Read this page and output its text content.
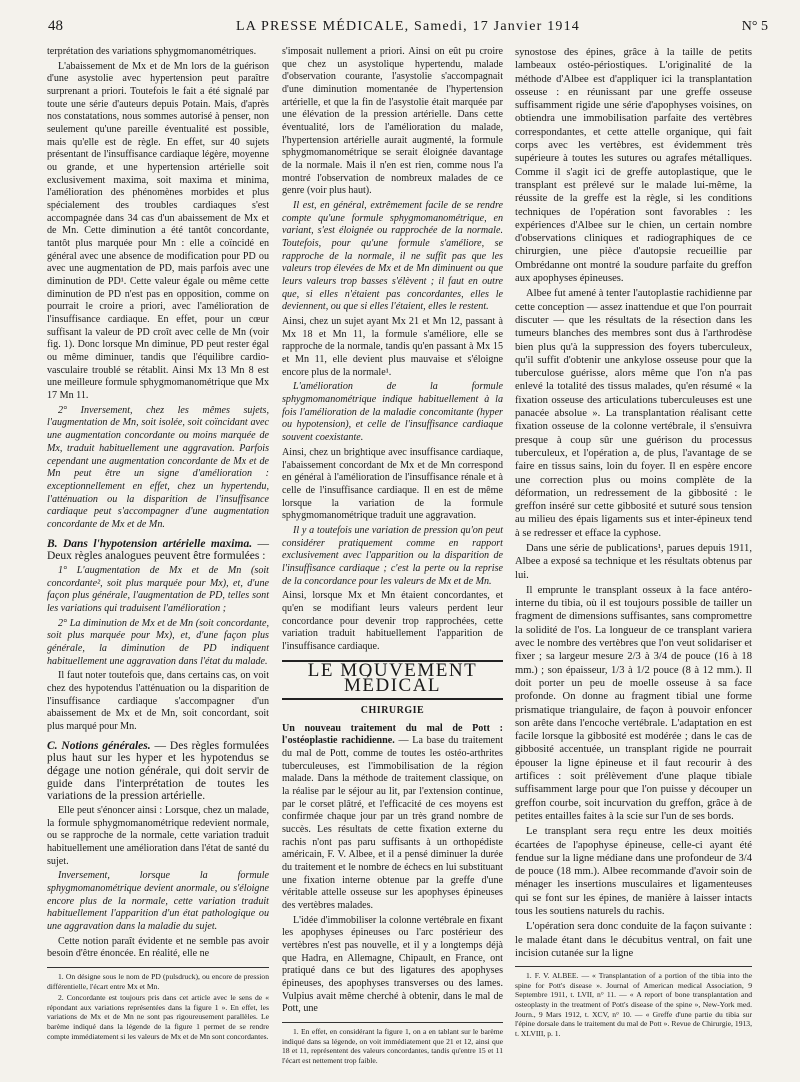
48	LA PRESSE MÉDICALE, Samedi, 17 Janvier 1914	N° 5

terprétation des variations sphygmomanométriques.

L'abaissement de Mx et de Mn lors de la guérison d'une asystolie avec hypertension peut paraître surprenant a priori. Toutefois le fait a été signalé par toute une série d'auteurs depuis Potain. Mais, d'après nos constatations, nous sommes autorisé à penser, non seulement qu'une pareille éventualité est possible, mais qu'elle est de règle. En effet, sur 40 sujets présentant de l'insuffisance cardiaque légère, moyenne ou grande, et une hypertension artérielle soit exclusivement maxima, soit maxima et minima, l'amélioration des phénomènes morbides et plus spécialement des troubles cardiaques s'est accompagnée dans 34 cas d'un abaissement de Mx et de Mn. Cette diminution a été tantôt concordante, tantôt plus marquée pour Mn : elle a coïncidé en général avec une absence de modification pour PD ou avec une augmentation de PD, mais parfois avec une diminution de PD¹. Cette valeur égale ou même cette diminution de PD n'est pas en opposition, comme on pourrait le croire a priori, avec l'amélioration de l'insuffisance cardiaque. En effet, pour un cœur suffisant la valeur de PD croît avec celle de Mn (voir fig. 1). Donc lorsque Mn diminue, PD peut rester égal ou même diminuer, tandis que l'équilibre cardio-vasculaire troublé se rétablit. Ainsi Mx 13 Mn 8 est une meilleure formule sphygmomanométrique que Mx 17 Mn 11.

2° Inversement, chez les mêmes sujets, l'augmentation de Mn, soit isolée, soit coïncidant avec une augmentation concordante ou moins marquée de Mx, traduit habituellement une aggravation. Parfois cependant une augmentation concordante de Mx et de Mn peut être un signe d'amélioration : exceptionnellement en effet, chez un hypertendu, l'atténuation ou la disparition de l'insuffisance cardiaque peut s'accompagner d'une augmentation concordante de Mx et de Mn.

B. Dans l'hypotension artérielle maxima. — Deux règles analogues peuvent être formulées :

1° L'augmentation de Mx et de Mn (soit concordante², soit plus marquée pour Mx), et, d'une façon plus générale, l'augmentation de PD, telles sont les variations qui traduisent l'amélioration ;

2° La diminution de Mx et de Mn (soit concordante, soit plus marquée pour Mx), et, d'une façon plus générale, la diminution de PD indiquent habituellement une aggravation dans l'état du malade.

Il faut noter toutefois que, dans certains cas, on voit chez des hypotendus l'atténuation ou la disparition de l'insuffisance cardiaque s'accompagner d'un abaissement de Mx et de Mn, soit concordant, soit plus marqué pour Mn.

C. Notions générales. — Des règles formulées plus haut sur les hyper et les hypotendus se dégage une notion générale, qui doit servir de guide dans l'interprétation de toutes les variations de la pression artérielle.

Elle peut s'énoncer ainsi : Lorsque, chez un malade, la formule sphygmomanométrique redevient normale, ou se rapproche de la normale, cette variation traduit habituellement une amélioration dans l'état de santé du sujet.

Inversement, lorsque la formule sphygmomanométrique devient anormale, ou s'éloigne encore plus de la normale, cette variation traduit habituellement l'apparition d'un état pathologique ou une aggravation dans la maladie du sujet.

Cette notion paraît évidente et ne semble pas avoir besoin d'être énoncée. En réalité, elle ne

1. On désigne sous le nom de PD (pulsdruck), ou encore de pression différentielle, l'écart entre Mx et Mn.

2. Concordante est toujours pris dans cet article avec le sens de « répondant aux variations représentées dans la figure 1 ». En effet, les variations de Mx et de Mn ne sont pas rigoureusement parallèles. Le barème indiqué dans la légende de la figure 1 permet de se rendre compte immédiatement si les valeurs de Mx et de Mn sont concordantes.

s'imposait nullement a priori. Ainsi on eût pu croire que chez un asystolique hypertendu, malade d'observation courante, l'asystolie s'accompagnait d'une diminution momentanée de l'hypertension artérielle, et que la fin de l'asystolie était marquée par une élévation de la pression artérielle. Dans cette éventualité, lors de l'amélioration du malade, l'hypertension artérielle aurait augmenté, la formule sphygmomanométrique se serait éloignée davantage de la normale. Mais il n'en est rien, comme nous l'a montré l'observation de nombreux malades de ce genre (voir plus haut).

Il est, en général, extrêmement facile de se rendre compte qu'une formule sphygmomanométrique, en variant, s'est éloignée ou rapprochée de la normale. Toutefois, pour qu'une formule s'améliore, se rapproche de la normale, il ne suffit pas que les valeurs trop élevées de Mx et de Mn diminuent ou que leurs valeurs trop basses s'élèvent ; il faut en outre que, si elles n'étaient pas concordantes, elles le deviennent, ou que si elles l'étaient, elles le restent.

Ainsi, chez un sujet ayant Mx 21 et Mn 12, passant à Mx 18 et Mn 11, la formule s'améliore, elle se rapproche de la normale, tandis qu'en passant à Mx 15 et Mn 11, elle devient plus mauvaise et s'éloigne encore plus de la normale¹.

L'amélioration de la formule sphygmomanométrique indique habituellement à la fois l'amélioration de la maladie concomitante (hyper ou hypotension), et celle de l'insuffisance cardiaque souvent coexistante.

Ainsi, chez un brightique avec insuffisance cardiaque, l'abaissement concordant de Mx et de Mn correspond en général à l'amélioration de l'insuffisance rénale et à celle de l'insuffisance cardiaque. Il en est de même lorsque la variation de la formule sphygmomanométrique traduit une aggravation.

Il y a toutefois une variation de pression qu'on peut considérer pratiquement comme en rapport exclusivement avec l'apparition ou la disparition de l'insuffisance cardiaque ; c'est la perte ou la reprise de la concordance pour les valeurs de Mx et de Mn.

Ainsi, lorsque Mx et Mn étaient concordantes, et qu'en se modifiant leurs valeurs perdent leur concordance pour devenir trop rapprochées, cette variation traduit habituellement l'apparition de l'insuffisance cardiaque.

LE MOUVEMENT MÉDICAL
CHIRURGIE

Un nouveau traitement du mal de Pott : l'ostéoplastie rachidienne. — La base du traitement du mal de Pott, comme de toutes les ostéo-arthrites tuberculeuses, est l'immobilisation de la région malade. Dans la méthode de traitement classique, on la réalise par le séjour au lit, par l'extension continue, par le corset plâtré, et l'efficacité de ces moyens est confirmée chaque jour par un très grand nombre de succès. Les résultats de cette fixation externe du rachis n'ont pas paru suffisants à un orthopédiste américain, F. V. Albee, et il a pensé diminuer la durée du traitement et le nombre de échecs en lui substituant une fixation interne obtenue par la greffe d'une véritable attelle osseuse sur les apophyses épineuses des vertèbres malades.

L'idée d'immobiliser la colonne vertébrale en fixant les apophyses épineuses ou l'arc postérieur des vertèbres n'est pas nouvelle, et il y a longtemps déjà que Hadra, en Allemagne, Chipault, en France, ont pratiqué dans ce but des ligatures des apophyses épineuses, des apophyses transverses ou des lames. Vulpius avait même cherché à obtenir, dans le mal de Pott, une

1. En effet, en considérant la figure 1, on a en tablant sur le barème indiqué dans sa légende, on voit immédiatement que 21 et 12, ainsi que 18 et 11, représentent des valeurs concordantes, tandis qu'entre 15 et 11 l'écart est nettement trop faible.

synostose des épines, grâce à la taille de petits lambeaux ostéo-périostiques. L'originalité de la méthode d'Albee est d'appliquer ici la transplantation osseuse : en réunissant par une greffe osseuse suffisamment rigide une série d'apophyses voisines, on obtiendra une immobilisation parfaite des vertèbres correspondantes, et cette attelle organique, qui fait corps avec les vertèbres, est évidemment très supérieure à toutes les sutures ou agrafes métalliques. Comme il s'agit ici de greffe autoplastique, que le transplant est prélevé sur le malade lui-même, la réussite de la greffe est la règle, si les conditions techniques de l'opération sont favorables : les expériences d'Albee sur le chien, un certain nombre d'observations cliniques et radiographiques de ce chirurgien, une pièce d'autopsie recueillie par Ombrédanne ont montré la soudure parfaite du greffon aux apophyses épineuses.

Albee fut amené à tenter l'autoplastie rachidienne par cette conception — assez inattendue et que l'on pourrait discuter — que les résultats de la résection dans les tumeurs blanches des membres sont dus à l'arthrodèse bien plus qu'à la suppression des foyers tuberculeux, qu'il suffit d'obtenir une ankylose osseuse pour que la tuberculose guérisse, alors même que l'on n'a pas enlevé la totalité des tissus malades, qu'en résumé « la fixation osseuse des articulations tuberculeuses est une panacée absolue ». La transplantation réalisant cette fixation osseuse de la colonne vertébrale, il s'ensuivra presque à coup sûr une guérison du processus tuberculeux, et l'opération a, de plus, l'avantage de se faire en tissus sains, loin du foyer. Il en espère encore une correction plus ou moins complète de la déformation, un redressement de la gibbosité : le greffon inséré sur cette gibbosité et suturé sous tension au milieu des épais ligaments sus et inter-épineux tend à se redresser et efface la cyphose.

Dans une série de publications¹, parues depuis 1911, Albee a exposé sa technique et les résultats obtenus par lui.

Il emprunte le transplant osseux à la face antéro-interne du tibia, où il est toujours possible de tailler un fragment de dimensions suffisantes, sans compromettre la solidité de l'os. La longueur de ce transplant variera avec le nombre des vertèbres que l'on veut solidariser et fixer ; sa largeur mesure 2/3 à 3/4 de pouce (16 à 18 mm.) ; son épaisseur, 1/3 à 1/2 pouce (8 à 12 mm.). Il doit porter un peu de moelle osseuse à sa face profonde. On donne au fragment tibial une forme prismatique triangulaire, de façon à pouvoir enfoncer son arête dans l'encoche vertébrale. L'adaptation en est facile lorsque la gibbosité est modérée ; dans le cas de gibbosité accentuée, un transplant rigide ne pourrait épouser la ligne épineuse et il faut recourir à des artifices : soit prélèvement d'une plaque tibiale suffisamment large pour que l'on puisse y découper un greffon courbe, soit incurvation du greffon, grâce à de petites entailles faites à la scie sur l'un de ses bords.

Le transplant sera reçu entre les deux moitiés écartées de l'apophyse épineuse, celle-ci ayant été fendue sur la ligne médiane dans une profondeur de 3/4 de pouce (18 mm.). Albee recommande d'avoir soin de ménager les insertions musculaires et ligamenteuses qui se font sur les épines, de manière à laisser intacts tous les soutiens naturels du rachis.

L'opération sera donc conduite de la façon suivante : le malade étant dans le décubitus ventral, on fait une incision cutanée sur la ligne

1. F. V. ALBEE. — « Transplantation of a portion of the tibia into the spine for Pott's disease ». Journal of American medical Association, 9 Septembre 1911, t. LVII, n° 11. — « A report of bone transplantation and osteoplasty in the treatment of Pott's disease of the spine », New-York med. Journ., 9 Mars 1912, t. XCV, n° 10. — « Greffe d'une partie du tibia sur l'épine dorsale dans le traitement du mal de Pott ». Revue de Chirurgie, 1913, t. XLVIII, p. 1.
